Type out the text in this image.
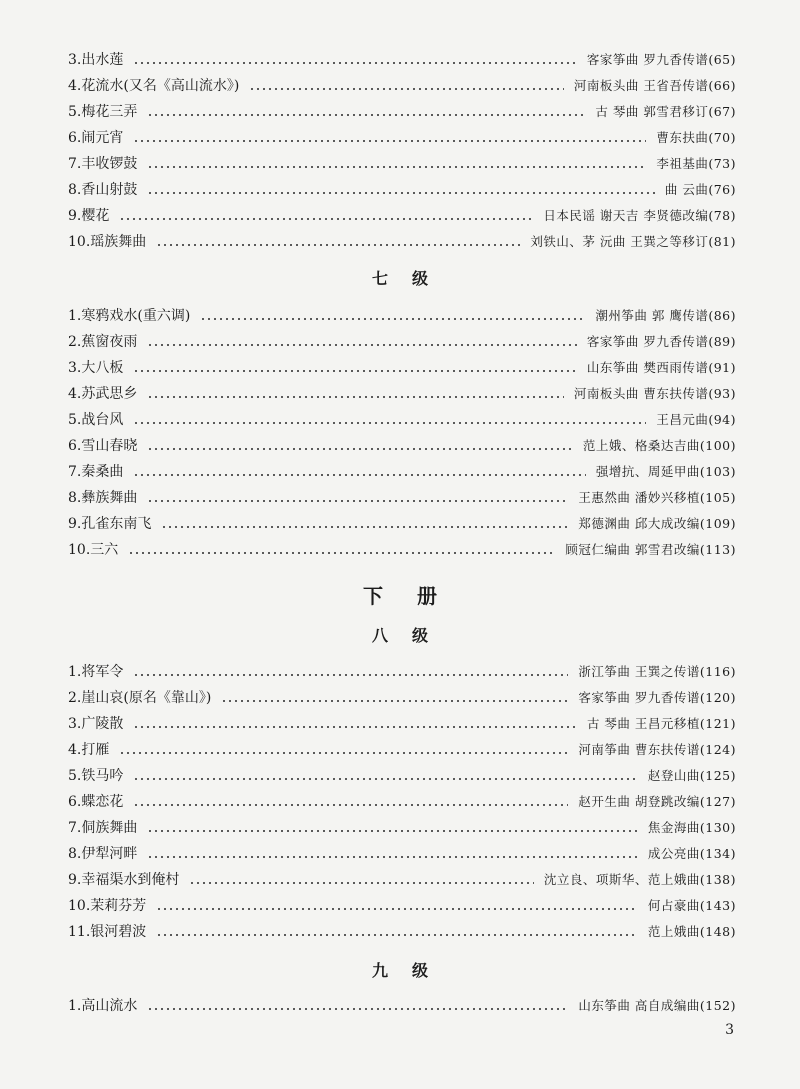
3.出水莲	客家筝曲 罗九香传谱(65)
4.花流水(又名《高山流水》)	河南板头曲 王省吾传谱(66)
5.梅花三弄	古 琴曲 郭雪君移订(67)
6.闹元宵	曹东扶曲(70)
7.丰收锣鼓	李祖基曲(73)
8.香山射鼓	曲 云曲(76)
9.樱花	日本民谣 谢天吉 李贤德改编(78)
10.瑶族舞曲	刘铁山、茅 沅曲 王巽之等移订(81)
七级
1.寒鸦戏水(重六调)	潮州筝曲 郭 鹰传谱(86)
2.蕉窗夜雨	客家筝曲 罗九香传谱(89)
3.大八板	山东筝曲 樊西雨传谱(91)
4.苏武思乡	河南板头曲 曹东扶传谱(93)
5.战台风	王昌元曲(94)
6.雪山春晓	范上娥、格桑达吉曲(100)
7.秦桑曲	强增抗、周延甲曲(103)
8.彝族舞曲	王惠然曲 潘妙兴移植(105)
9.孔雀东南飞	郑德渊曲 邱大成改编(109)
10.三六	顾冠仁编曲 郭雪君改编(113)
下册
八级
1.将军令	浙江筝曲 王巽之传谱(116)
2.崖山哀(原名《靠山》)	客家筝曲 罗九香传谱(120)
3.广陵散	古 琴曲 王昌元移植(121)
4.打雁	河南筝曲 曹东扶传谱(124)
5.铁马吟	赵登山曲(125)
6.蝶恋花	赵开生曲 胡登跳改编(127)
7.侗族舞曲	焦金海曲(130)
8.伊犁河畔	成公亮曲(134)
9.幸福渠水到俺村	沈立良、项斯华、范上娥曲(138)
10.茉莉芬芳	何占豪曲(143)
11.银河碧波	范上娥曲(148)
九级
1.高山流水	山东筝曲 高自成编曲(152)
3
